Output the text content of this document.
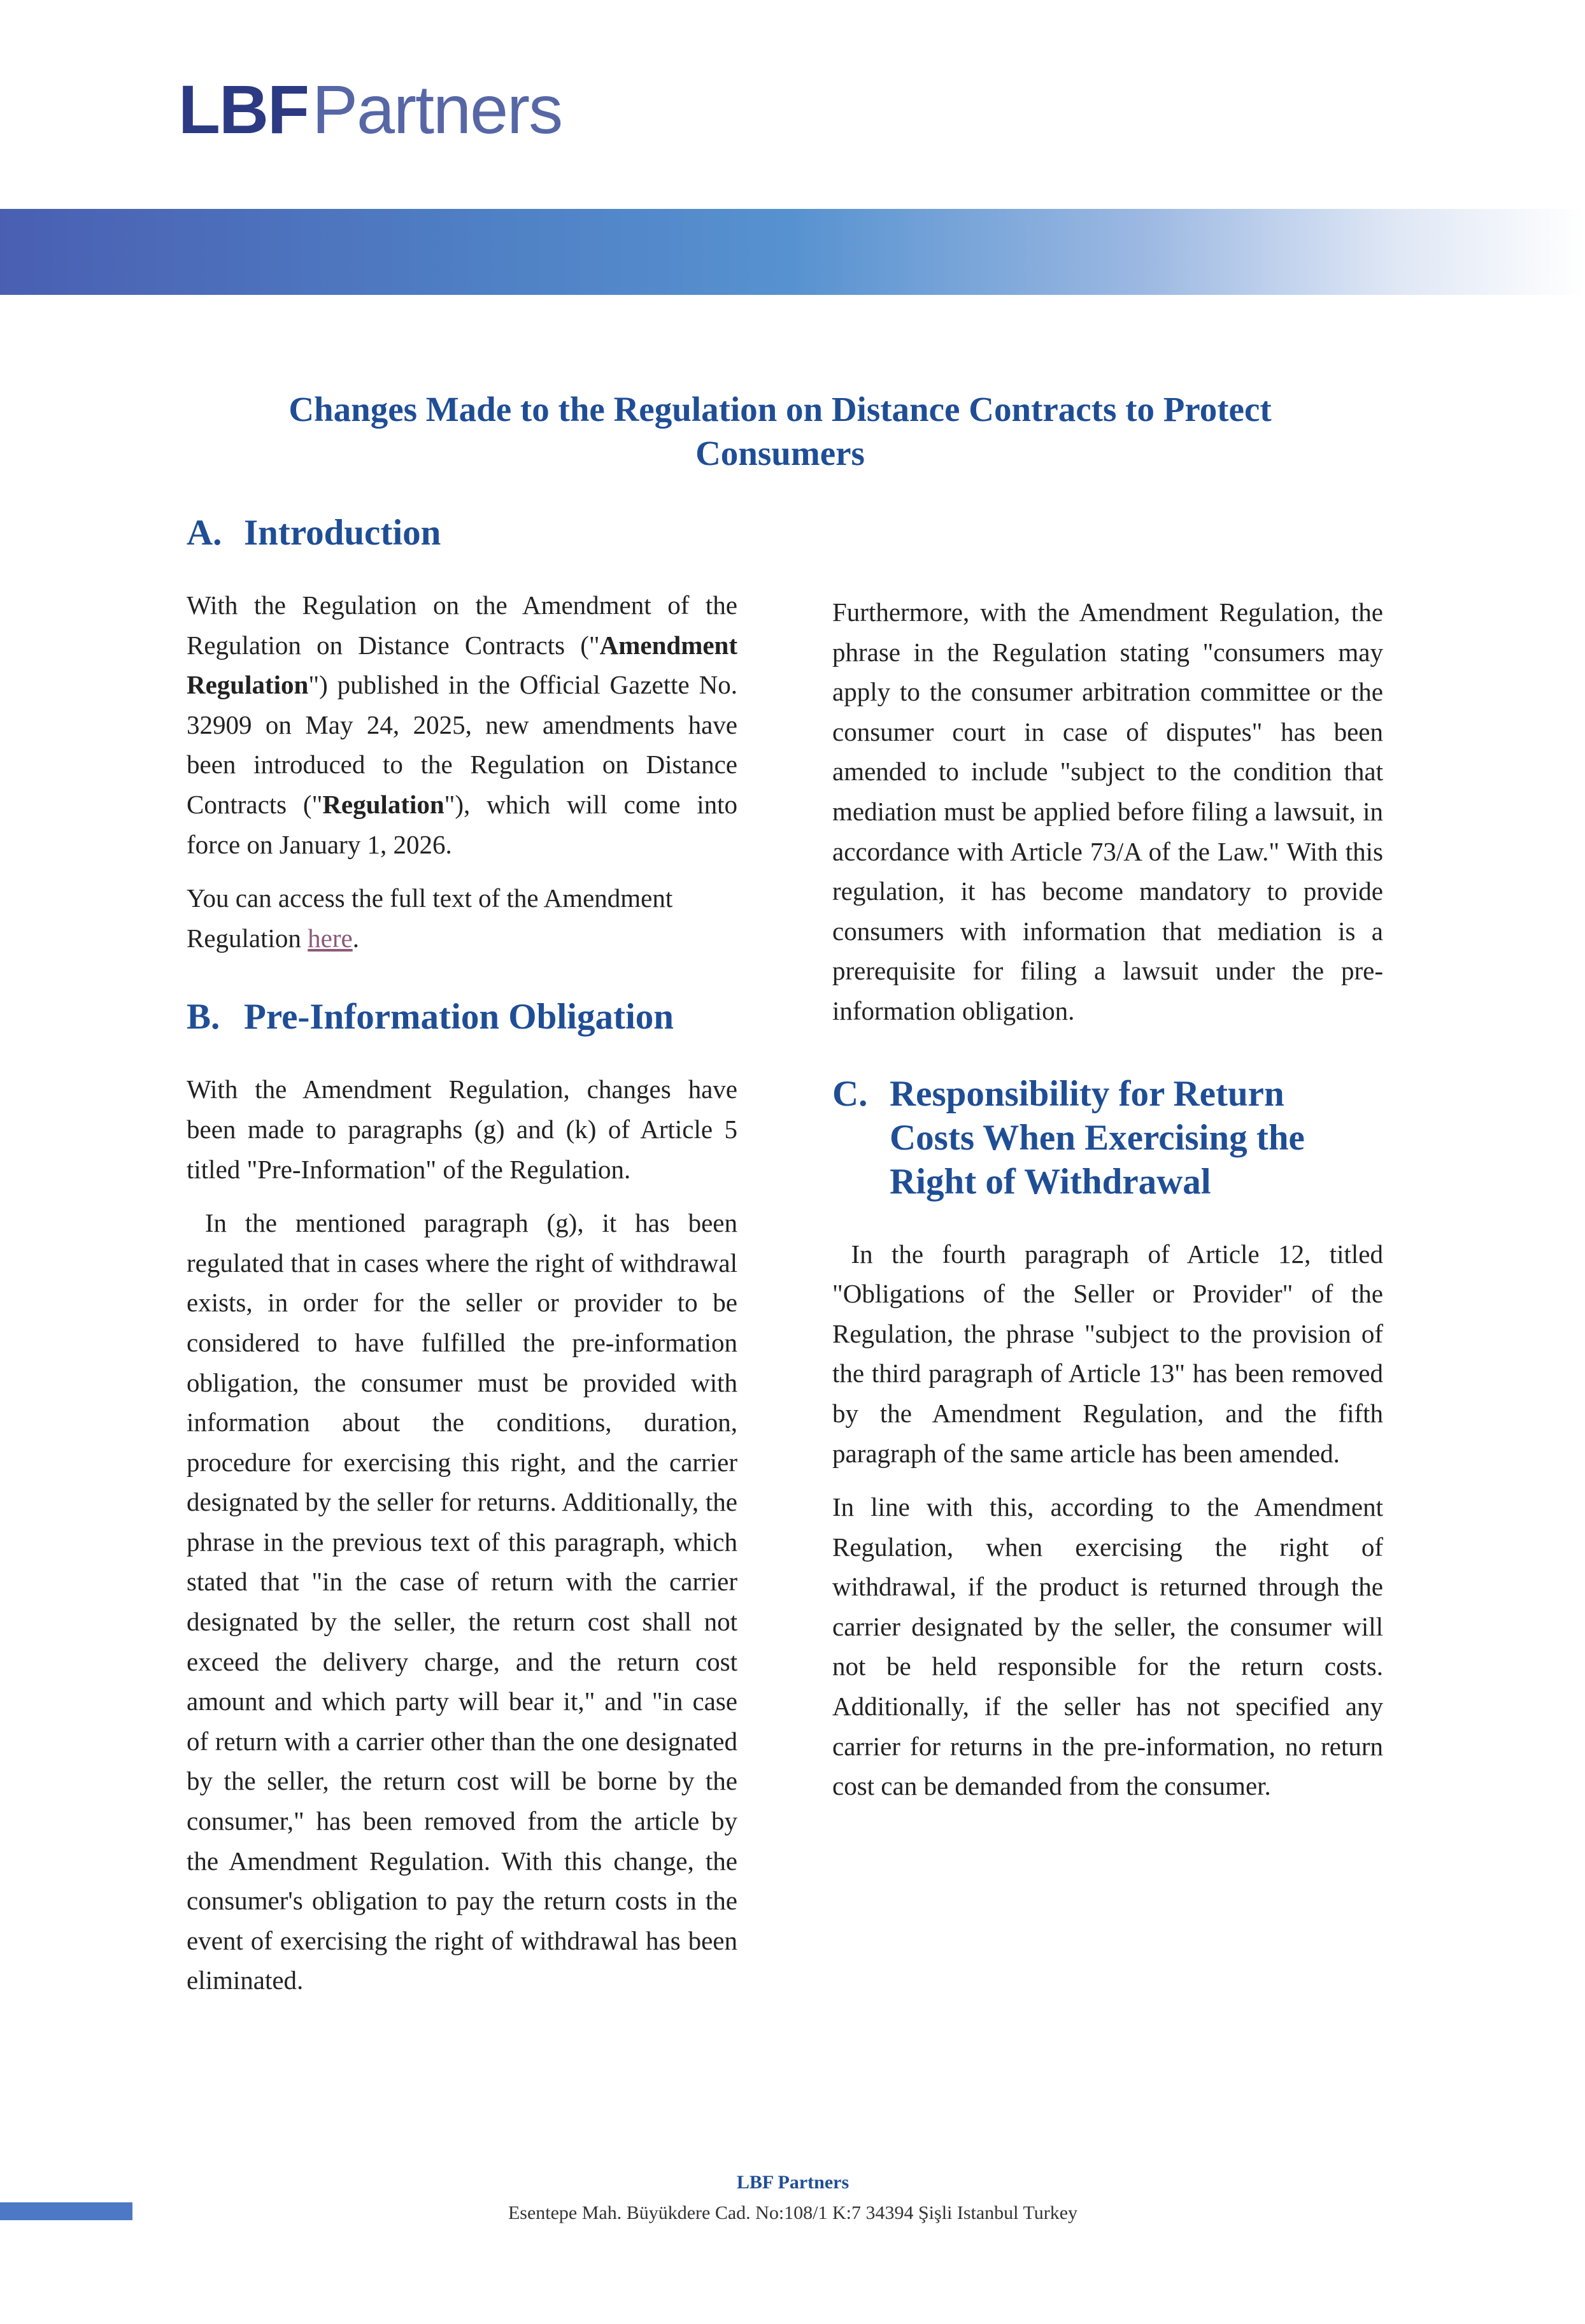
LBFPartners
Changes Made to the Regulation on Distance Contracts to Protect
Consumers
A. Introduction

With the Regulation on the Amendment of the Regulation on Distance Contracts ("Amendment Regulation") published in the Official Gazette No. 32909 on May 24, 2025, new amendments have been introduced to the Regulation on Distance Contracts ("Regulation"), which will come into force on January 1, 2026.

You can access the full text of the Amendment Regulation here.

B. Pre-Information Obligation

With the Amendment Regulation, changes have been made to paragraphs (g) and (k) of Article 5 titled "Pre-Information" of the Regulation.

In the mentioned paragraph (g), it has been regulated that in cases where the right of withdrawal exists, in order for the seller or provider to be considered to have fulfilled the pre-information obligation, the consumer must be provided with information about the conditions, duration, procedure for exercising this right, and the carrier designated by the seller for returns. Additionally, the phrase in the previous text of this paragraph, which stated that "in the case of return with the carrier designated by the seller, the return cost shall not exceed the delivery charge, and the return cost amount and which party will bear it," and "in case of return with a carrier other than the one designated by the seller, the return cost will be borne by the consumer," has been removed from the article by the Amendment Regulation. With this change, the consumer's obligation to pay the return costs in the event of exercising the right of withdrawal has been eliminated.

Furthermore, with the Amendment Regulation, the phrase in the Regulation stating "consumers may apply to the consumer arbitration committee or the consumer court in case of disputes" has been amended to include "subject to the condition that mediation must be applied before filing a lawsuit, in accordance with Article 73/A of the Law." With this regulation, it has become mandatory to provide consumers with information that mediation is a prerequisite for filing a lawsuit under the pre-information obligation.

C. Responsibility for Return Costs When Exercising the Right of Withdrawal

In the fourth paragraph of Article 12, titled "Obligations of the Seller or Provider" of the Regulation, the phrase "subject to the provision of the third paragraph of Article 13" has been removed by the Amendment Regulation, and the fifth paragraph of the same article has been amended.

In line with this, according to the Amendment Regulation, when exercising the right of withdrawal, if the product is returned through the carrier designated by the seller, the consumer will not be held responsible for the return costs. Additionally, if the seller has not specified any carrier for returns in the pre-information, no return cost can be demanded from the consumer.

LBF Partners
Esentepe Mah. Büyükdere Cad. No:108/1 K:7 34394 Şişli Istanbul Turkey
